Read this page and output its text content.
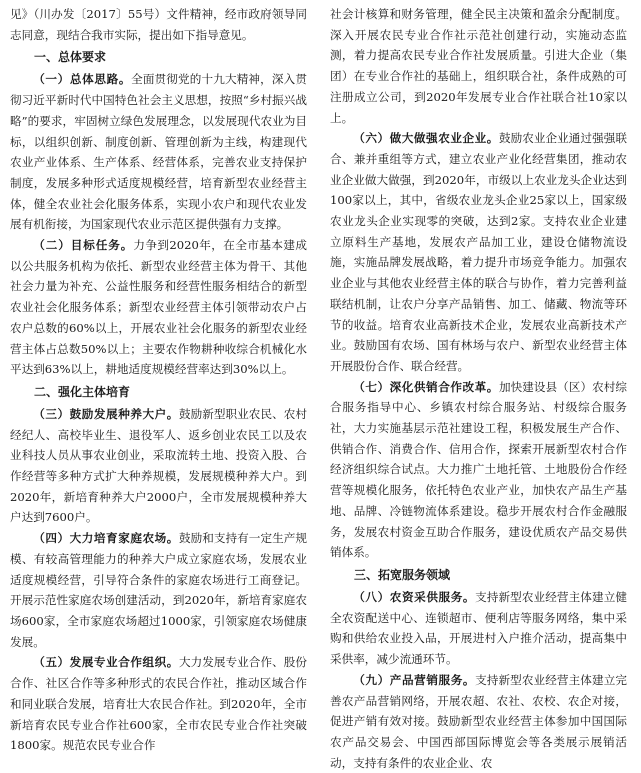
见》（川办发〔2017〕55号）文件精神，经市政府领导同志同意，现结合我市实际，提出如下指导意见。

一、总体要求

（一）总体思路。全面贯彻党的十九大精神，深入贯彻习近平新时代中国特色社会主义思想，按照“乡村振兴战略”的要求，牢固树立绿色发展理念，以发展现代农业为目标，以组织创新、制度创新、管理创新为主线，构建现代农业产业体系、生产体系、经营体系，完善农业支持保护制度，发展多种形式适度规模经营，培育新型农业经营主体，健全农业社会化服务体系，实现小农户和现代农业发展有机衔接，为国家现代农业示范区提供强有力支撑。

（二）目标任务。力争到2020年，在全市基本建成以公共服务机构为依托、新型农业经营主体为骨干、其他社会力量为补充、公益性服务和经营性服务相结合的新型农业社会化服务体系；新型农业经营主体引领带动农户占农户总数的60%以上，开展农业社会化服务的新型农业经营主体占总数50%以上；主要农作物耕种收综合机械化水平达到63%以上，耕地适度规模经营率达到30%以上。

二、强化主体培育

（三）鼓励发展种养大户。鼓励新型职业农民、农村经纪人、高校毕业生、退役军人、返乡创业农民工以及农业科技人员从事农业创业，采取流转土地、投资入股、合作经营等多种方式扩大种养规模，发展规模种养大户。到2020年，新培育种养大户2000户，全市发展规模种养大户达到7600户。

（四）大力培育家庭农场。鼓励和支持有一定生产规模、有较高管理能力的种养大户成立家庭农场，发展农业适度规模经营，引导符合条件的家庭农场进行工商登记。开展示范性家庭农场创建活动，到2020年，新培育家庭农场600家，全市家庭农场超过1000家，引领家庭农场健康发展。

（五）发展专业合作组织。大力发展专业合作、股份合作、社区合作等多种形式的农民合作社，推动区域合作和同业联合发展，培育壮大农民合作社。到2020年，全市新培育农民专业合作社600家，全市农民专业合作社突破1800家。规范农民专业合作

社会计核算和财务管理，健全民主决策和盈余分配制度。深入开展农民专业合作社示范社创建行动，实施动态监测，着力提高农民专业合作社发展质量。引进大企业（集团）在专业合作社的基础上，组织联合社，条件成熟的可注册成立公司，到2020年发展专业合作社联合社10家以上。

（六）做大做强农业企业。鼓励农业企业通过强强联合、兼并重组等方式，建立农业产业化经营集团，推动农业企业做大做强，到2020年，市级以上农业龙头企业达到100家以上，其中，省级农业龙头企业25家以上，国家级农业龙头企业实现零的突破，达到2家。支持农业企业建立原料生产基地，发展农产品加工业，建设仓储物流设施，实施品牌发展战略，着力提升市场竞争能力。加强农业企业与其他农业经营主体的联合与协作，着力完善利益联结机制，让农户分享产品销售、加工、储藏、物流等环节的收益。培育农业高新技术企业，发展农业高新技术产业。鼓励国有农场、国有林场与农户、新型农业经营主体开展股份合作、联合经营。

（七）深化供销合作改革。加快建设县（区）农村综合服务指导中心、乡镇农村综合服务站、村级综合服务社，大力实施基层示范社建设工程，积极发展生产合作、供销合作、消费合作、信用合作，探索开展新型农村合作经济组织综合试点。大力推广土地托管、土地股份合作经营等规模化服务，依托特色农业产业，加快农产品生产基地、品牌、冷链物流体系建设。稳步开展农村合作金融服务，发展农村资金互助合作服务，建设优质农产品交易供销体系。

三、拓宽服务领域

（八）农资采供服务。支持新型农业经营主体建立健全农资配送中心、连锁超市、便利店等服务网络，集中采购和供给农业投入品，开展进村入户推介活动，提高集中采供率，减少流通环节。

（九）产品营销服务。支持新型农业经营主体建立完善农产品营销网络，开展农超、农社、农校、农企对接，促进产销有效对接。鼓励新型农业经营主体参加中国国际农产品交易会、中国西部国际博览会等各类展示展销活动，支持有条件的农业企业、农
